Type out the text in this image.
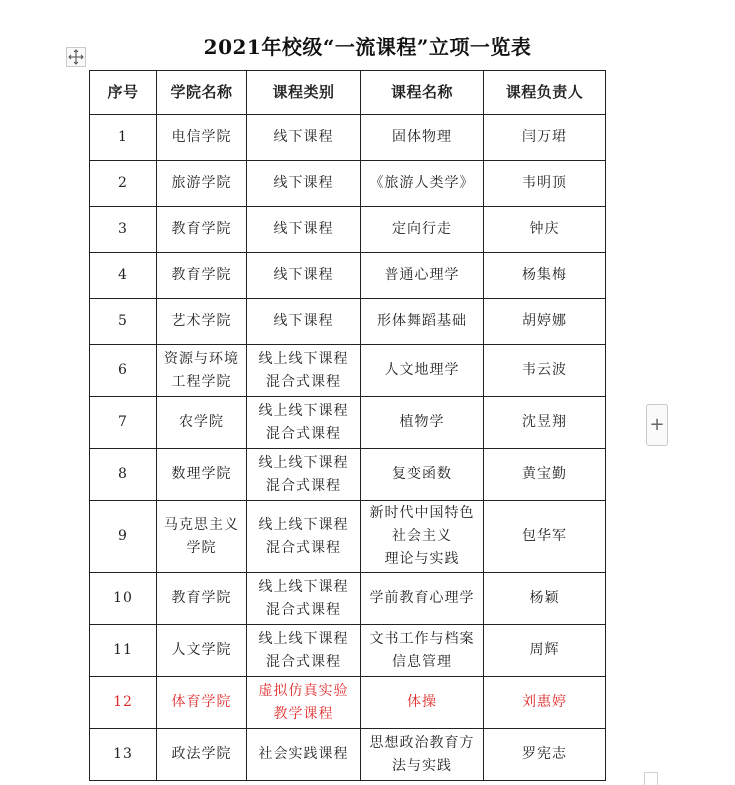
2021年校级“一流课程”立项一览表
+
序号	学院名称	课程类别	课程名称	课程负责人
1	电信学院	线下课程	固体物理	闫万珺
2	旅游学院	线下课程	《旅游人类学》	韦明顶
3	教育学院	线下课程	定向行走	钟庆
4	教育学院	线下课程	普通心理学	杨集梅
5	艺术学院	线下课程	形体舞蹈基础	胡婷娜
6	资源与环境
工程学院	线上线下课程
混合式课程	人文地理学	韦云波
7	农学院	线上线下课程
混合式课程	植物学	沈昱翔
8	数理学院	线上线下课程
混合式课程	复变函数	黄宝勤
9	马克思主义
学院	线上线下课程
混合式课程	新时代中国特色
社会主义
理论与实践	包华军
10	教育学院	线上线下课程
混合式课程	学前教育心理学	杨颖
11	人文学院	线上线下课程
混合式课程	文书工作与档案
信息管理	周辉
12	体育学院	虚拟仿真实验
教学课程	体操	刘惠婷
13	政法学院	社会实践课程	思想政治教育方
法与实践	罗宪志
